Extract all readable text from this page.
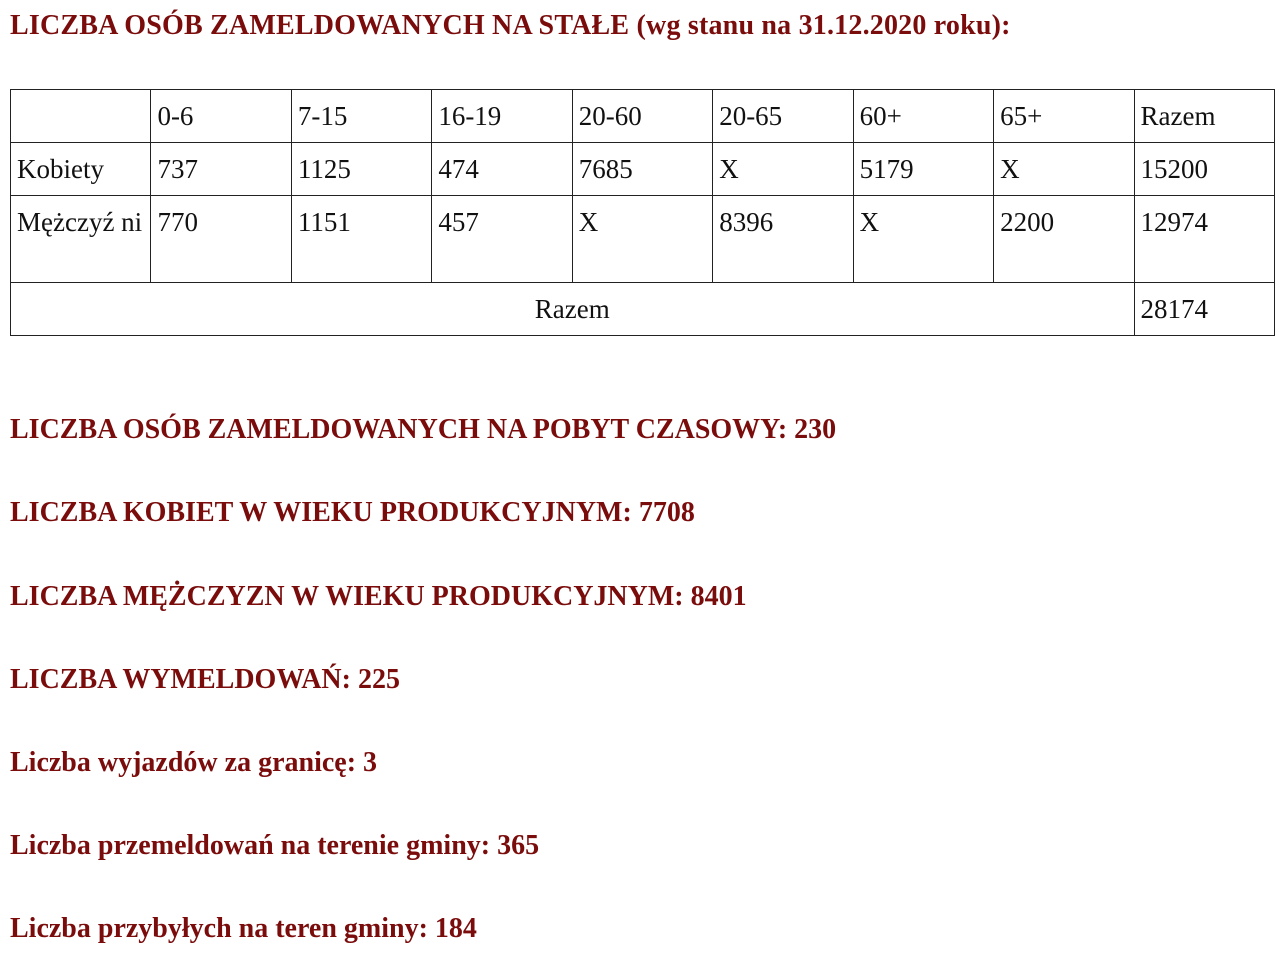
LICZBA OSÓB ZAMELDOWANYCH NA STAŁE (wg stanu na 31.12.2020 roku):
	0-6	7-15	16-19	20-60	20-65	60+	65+	Razem
Kobiety	737	1125	474	7685	X	5179	X	15200
Mężczyź ni	770	1151	457	X	8396	X	2200	12974
Razem								28174

LICZBA OSÓB ZAMELDOWANYCH NA POBYT CZASOWY: 230

LICZBA KOBIET W WIEKU PRODUKCYJNYM: 7708

LICZBA MĘŻCZYZN W WIEKU PRODUKCYJNYM: 8401

LICZBA WYMELDOWAŃ: 225

Liczba wyjazdów za granicę: 3

Liczba przemeldowań na terenie gminy: 365

Liczba przybyłych na teren gminy: 184
